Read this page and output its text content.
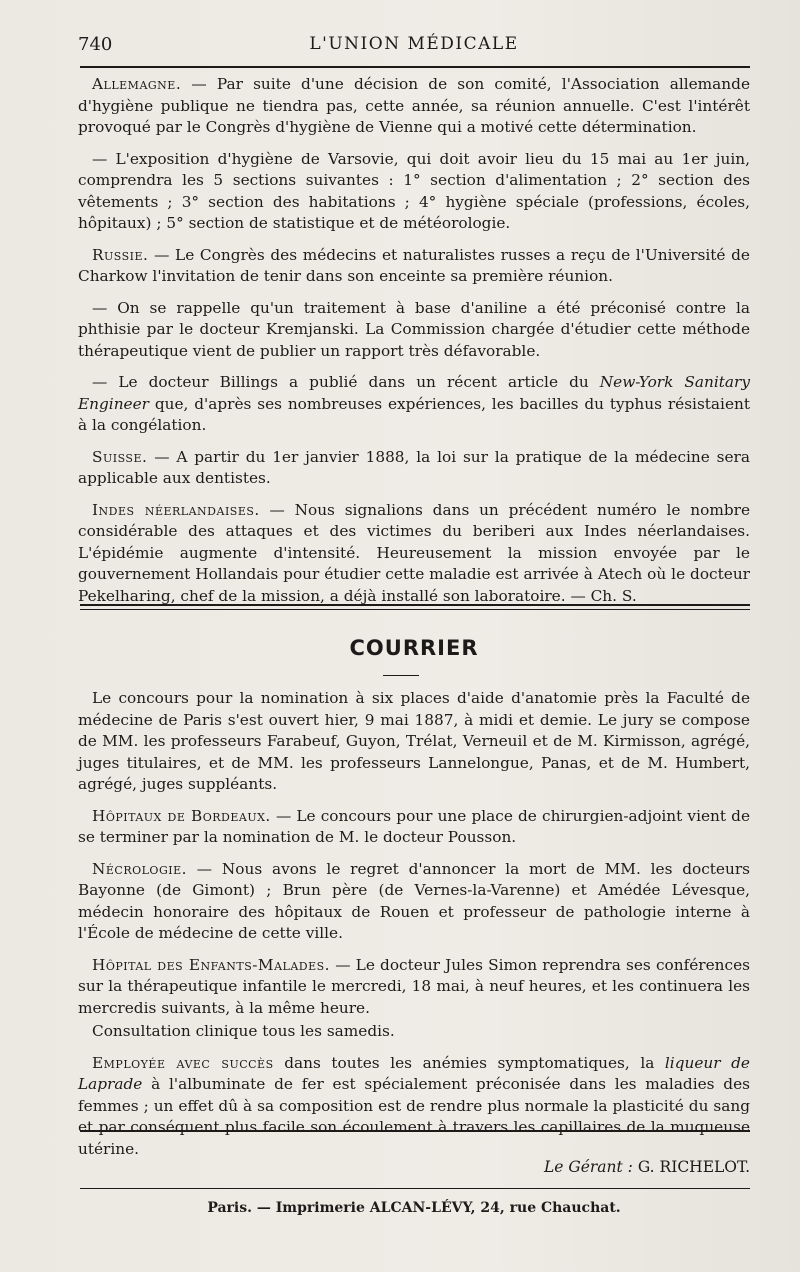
740	L'UNION MÉDICALE

Allemagne. — Par suite d'une décision de son comité, l'Association allemande d'hygiène publique ne tiendra pas, cette année, sa réunion annuelle. C'est l'intérêt provoqué par le Congrès d'hygiène de Vienne qui a motivé cette détermination.

— L'exposition d'hygiène de Varsovie, qui doit avoir lieu du 15 mai au 1er juin, comprendra les 5 sections suivantes : 1° section d'alimentation ; 2° section des vêtements ; 3° section des habitations ; 4° hygiène spéciale (professions, écoles, hôpitaux) ; 5° section de statistique et de météorologie.

Russie. — Le Congrès des médecins et naturalistes russes a reçu de l'Université de Charkow l'invitation de tenir dans son enceinte sa première réunion.

— On se rappelle qu'un traitement à base d'aniline a été préconisé contre la phthisie par le docteur Kremjanski. La Commission chargée d'étudier cette méthode thérapeutique vient de publier un rapport très défavorable.

— Le docteur Billings a publié dans un récent article du New-York Sanitary Engineer que, d'après ses nombreuses expériences, les bacilles du typhus résistaient à la congélation.

Suisse. — A partir du 1er janvier 1888, la loi sur la pratique de la médecine sera applicable aux dentistes.

Indes néerlandaises. — Nous signalions dans un précédent numéro le nombre considérable des attaques et des victimes du beriberi aux Indes néerlandaises. L'épidémie augmente d'intensité. Heureusement la mission envoyée par le gouvernement Hollandais pour étudier cette maladie est arrivée à Atech où le docteur Pekelharing, chef de la mission, a déjà installé son laboratoire. — Ch. S.

COURRIER

Le concours pour la nomination à six places d'aide d'anatomie près la Faculté de médecine de Paris s'est ouvert hier, 9 mai 1887, à midi et demie. Le jury se compose de MM. les professeurs Farabeuf, Guyon, Trélat, Verneuil et de M. Kirmisson, agrégé, juges titulaires, et de MM. les professeurs Lannelongue, Panas, et de M. Humbert, agrégé, juges suppléants.

Hôpitaux de Bordeaux. — Le concours pour une place de chirurgien-adjoint vient de se terminer par la nomination de M. le docteur Pousson.

Nécrologie. — Nous avons le regret d'annoncer la mort de MM. les docteurs Bayonne (de Gimont) ; Brun père (de Vernes-la-Varenne) et Amédée Lévesque, médecin honoraire des hôpitaux de Rouen et professeur de pathologie interne à l'École de médecine de cette ville.

Hôpital des Enfants-Malades. — Le docteur Jules Simon reprendra ses conférences sur la thérapeutique infantile le mercredi, 18 mai, à neuf heures, et les continuera les mercredis suivants, à la même heure.

Consultation clinique tous les samedis.

Employée avec succès dans toutes les anémies symptomatiques, la liqueur de Laprade à l'albuminate de fer est spécialement préconisée dans les maladies des femmes ; un effet dû à sa composition est de rendre plus normale la plasticité du sang et par conséquent plus facile son écoulement à travers les capillaires de la muqueuse utérine.

Le Gérant : G. RICHELOT.
Paris. — Imprimerie ALCAN-LÉVY, 24, rue Chauchat.
